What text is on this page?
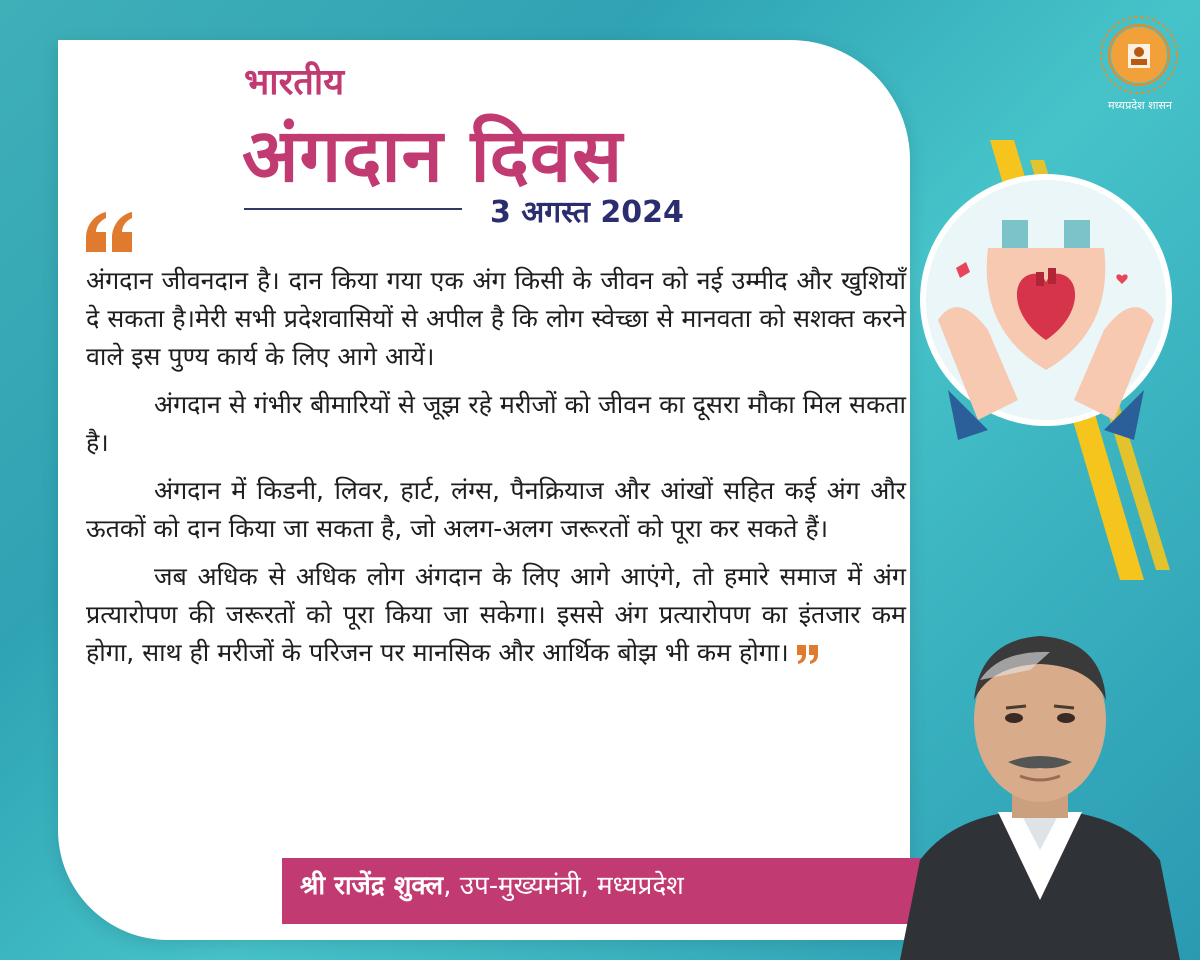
मध्यप्रदेश शासन
भारतीय
अंगदान दिवस
3 अगस्त 2024

अंगदान जीवनदान है। दान किया गया एक अंग किसी के जीवन को नई उम्मीद और खुशियाँ दे सकता है।मेरी सभी प्रदेशवासियों से अपील है कि लोग स्वेच्छा से मानवता को सशक्त करने वाले इस पुण्य कार्य के लिए आगे आयें।

अंगदान से गंभीर बीमारियों से जूझ रहे मरीजों को जीवन का दूसरा मौका मिल सकता है।

अंगदान में किडनी, लिवर, हार्ट, लंग्स, पैनक्रियाज और आंखों सहित कई अंग और ऊतकों को दान किया जा सकता है, जो अलग-अलग जरूरतों को पूरा कर सकते हैं।

जब अधिक से अधिक लोग अंगदान के लिए आगे आएंगे, तो हमारे समाज में अंग प्रत्यारोपण की जरूरतों को पूरा किया जा सकेगा। इससे अंग प्रत्यारोपण का इंतजार कम होगा, साथ ही मरीजों के परिजन पर मानसिक और आर्थिक बोझ भी कम होगा।

श्री राजेंद्र शुक्ल, उप-मुख्यमंत्री, मध्यप्रदेश
